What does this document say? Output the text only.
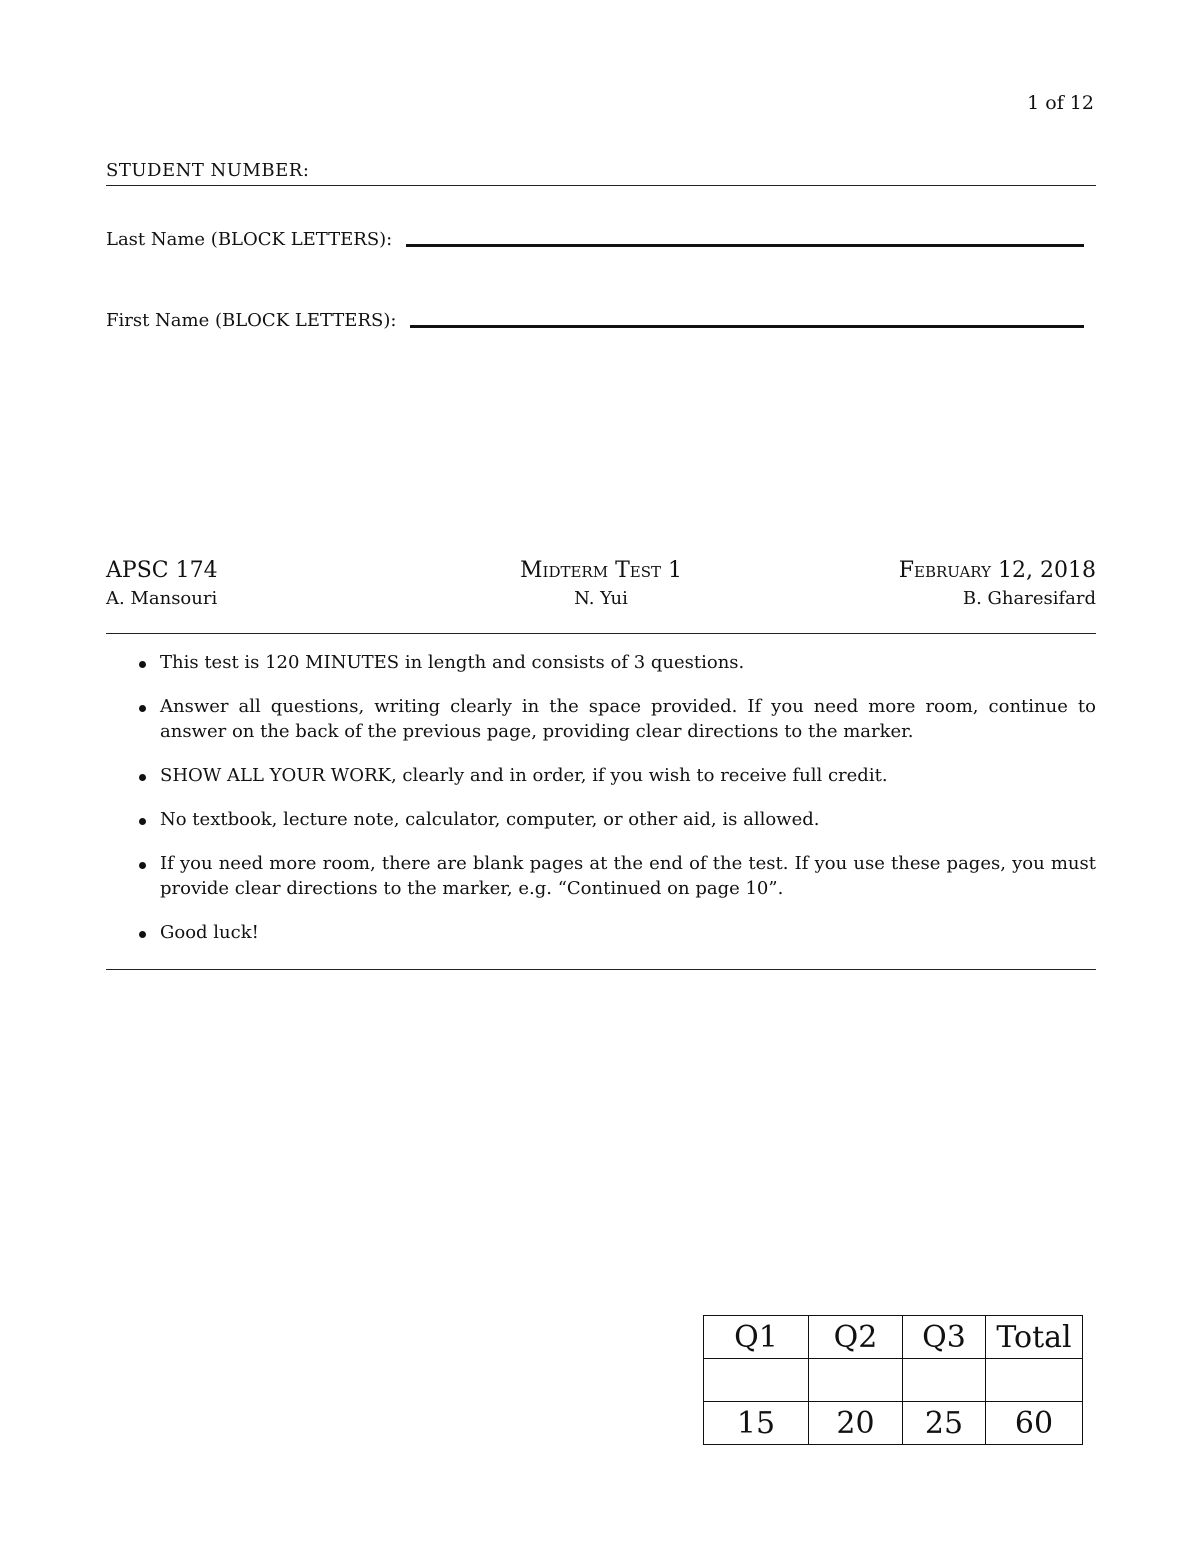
1 of 12
STUDENT NUMBER:
Last Name (BLOCK LETTERS):
First Name (BLOCK LETTERS):
APSC 174	Midterm Test 1	February 12, 2018
A. Mansouri	N. Yui	B. Gharesifard
This test is 120 MINUTES in length and consists of 3 questions.
Answer all questions, writing clearly in the space provided. If you need more room, continue to answer on the back of the previous page, providing clear directions to the marker.
SHOW ALL YOUR WORK, clearly and in order, if you wish to receive full credit.
No textbook, lecture note, calculator, computer, or other aid, is allowed.
If you need more room, there are blank pages at the end of the test. If you use these pages, you must provide clear directions to the marker, e.g. “Continued on page 10”.
Good luck!
Q1	Q2	Q3	Total

15	20	25	60
